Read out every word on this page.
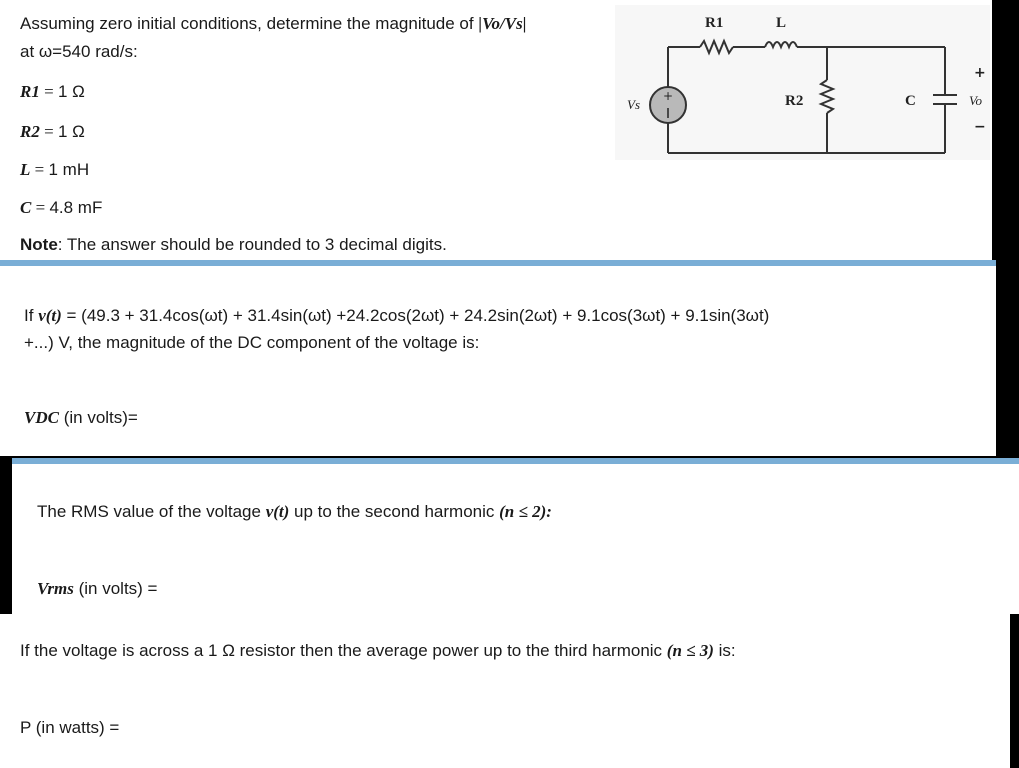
Assuming zero initial conditions, determine the magnitude of |Vo/Vs|
at ω=540 rad/s:
R1 = 1 Ω
R2 = 1 Ω
L = 1 mH
C = 4.8 mF
Note: The answer should be rounded to 3 decimal digits.
+
Vs
R1	L
R2	C
+
Vo
−
If v(t) = (49.3 + 31.4cos(ωt) + 31.4sin(ωt) +24.2cos(2ωt) + 24.2sin(2ωt) + 9.1cos(3ωt) + 9.1sin(3ωt)
+...) V, the magnitude of the DC component of the voltage is:
VDC (in volts)=
The RMS value of the voltage v(t) up to the second harmonic (n ≤ 2):
Vrms (in volts) =
If the voltage is across a 1 Ω resistor then the average power up to the third harmonic (n ≤ 3) is:
P (in watts) =
